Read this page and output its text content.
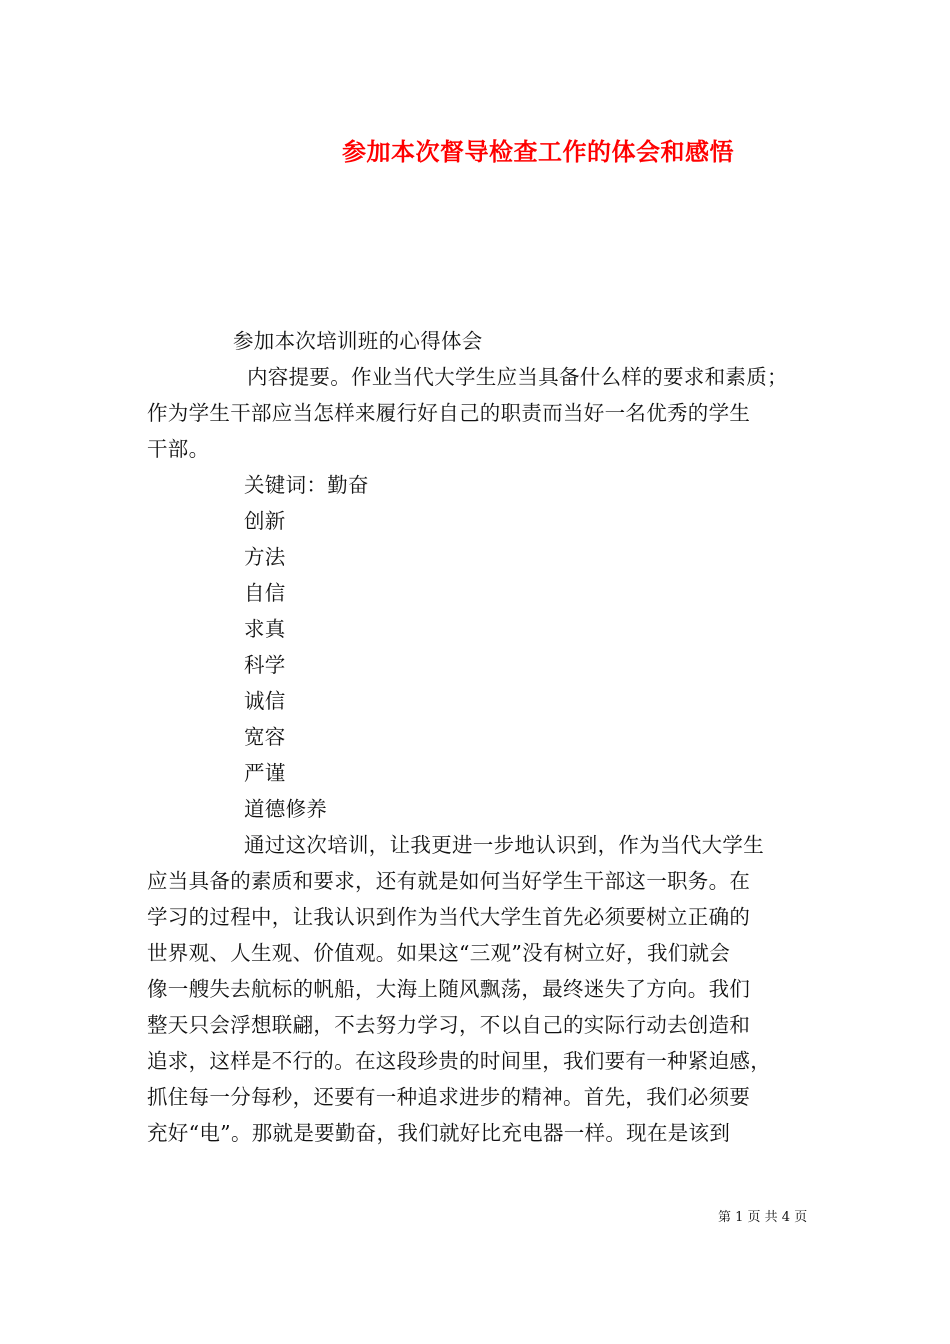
参加本次督导检查工作的体会和感悟
参加本次培训班的心得体会
内容提要。作业当代大学生应当具备什么样的要求和素质；
作为学生干部应当怎样来履行好自己的职责而当好一名优秀的学生
干部。
关键词：勤奋
创新
方法
自信
求真
科学
诚信
宽容
严谨
道德修养
通过这次培训，让我更进一步地认识到，作为当代大学生
应当具备的素质和要求，还有就是如何当好学生干部这一职务。在
学习的过程中，让我认识到作为当代大学生首先必须要树立正确的
世界观、人生观、价值观。如果这“三观”没有树立好，我们就会
像一艘失去航标的帆船，大海上随风飘荡，最终迷失了方向。我们
整天只会浮想联翩，不去努力学习，不以自己的实际行动去创造和
追求，这样是不行的。在这段珍贵的时间里，我们要有一种紧迫感，
抓住每一分每秒，还要有一种追求进步的精神。首先，我们必须要
充好“电”。那就是要勤奋，我们就好比充电器一样。现在是该到
第 1 页 共 4 页
